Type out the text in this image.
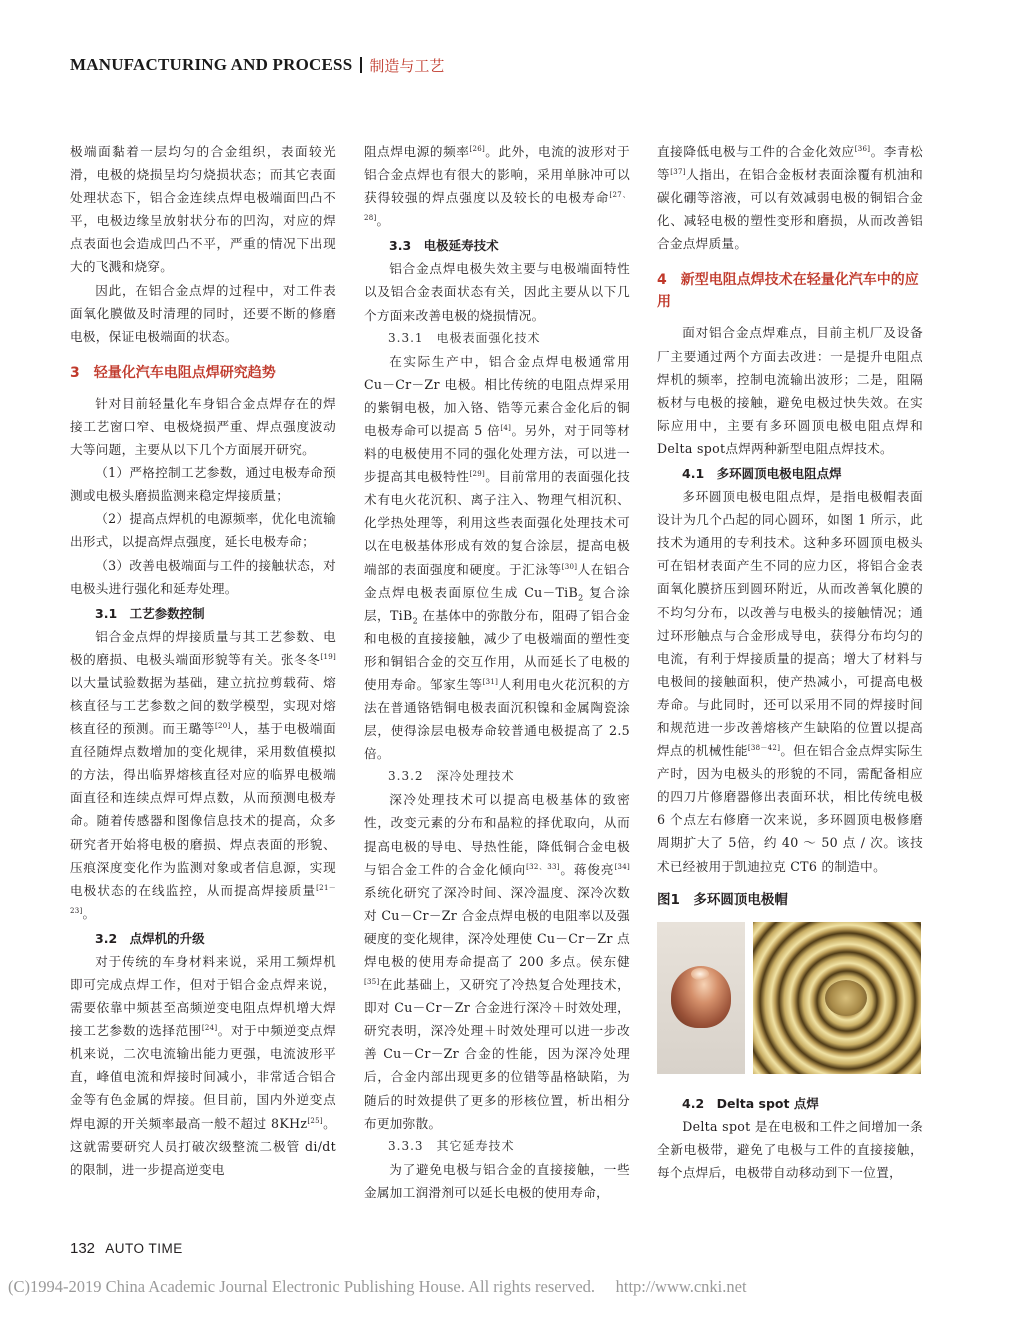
MANUFACTURING AND PROCESS 制造与工艺

极端面黏着一层均匀的合金组织，表面较光滑，电极的烧损呈均匀烧损状态；而其它表面处理状态下，铝合金连续点焊电极端面凹凸不平，电极边缘呈放射状分布的凹沟，对应的焊点表面也会造成凹凸不平，严重的情况下出现大的飞溅和烧穿。

因此，在铝合金点焊的过程中，对工件表面氧化膜做及时清理的同时，还要不断的修磨电极，保证电极端面的状态。

3　轻量化汽车电阻点焊研究趋势

针对目前轻量化车身铝合金点焊存在的焊接工艺窗口窄、电极烧损严重、焊点强度波动大等问题，主要从以下几个方面展开研究。

（1）严格控制工艺参数，通过电极寿命预测或电极头磨损监测来稳定焊接质量；

（2）提高点焊机的电源频率，优化电流输出形式，以提高焊点强度，延长电极寿命；

（3）改善电极端面与工件的接触状态，对电极头进行强化和延寿处理。

3.1　工艺参数控制

铝合金点焊的焊接质量与其工艺参数、电极的磨损、电极头端面形貌等有关。张冬冬[19]以大量试验数据为基础，建立抗拉剪载荷、熔核直径与工艺参数之间的数学模型，实现对熔核直径的预测。而王璐等[20]人，基于电极端面直径随焊点数增加的变化规律，采用数值模拟的方法，得出临界熔核直径对应的临界电极端面直径和连续点焊可焊点数，从而预测电极寿命。随着传感器和图像信息技术的提高，众多研究者开始将电极的磨损、焊点表面的形貌、压痕深度变化作为监测对象或者信息源，实现电极状态的在线监控，从而提高焊接质量[21－23]。

3.2　点焊机的升级

对于传统的车身材料来说，采用工频焊机即可完成点焊工作，但对于铝合金点焊来说，需要依靠中频甚至高频逆变电阻点焊机增大焊接工艺参数的选择范围[24]。对于中频逆变点焊机来说，二次电流输出能力更强，电流波形平直，峰值电流和焊接时间减小，非常适合铝合金等有色金属的焊接。但目前，国内外逆变点焊电源的开关频率最高一般不超过 8KHz[25]。这就需要研究人员打破次级整流二极管 di/dt 的限制，进一步提高逆变电

阻点焊电源的频率[26]。此外，电流的波形对于铝合金点焊也有很大的影响，采用单脉冲可以获得较强的焊点强度以及较长的电极寿命[27、28]。

3.3　电极延寿技术

铝合金点焊电极失效主要与电极端面特性以及铝合金表面状态有关，因此主要从以下几个方面来改善电极的烧损情况。

3.3.1　电极表面强化技术

在实际生产中，铝合金点焊电极通常用 Cu－Cr－Zr 电极。相比传统的电阻点焊采用的紫铜电极，加入铬、锆等元素合金化后的铜电极寿命可以提高 5 倍[4]。另外，对于同等材料的电极使用不同的强化处理方法，可以进一步提高其电极特性[29]。目前常用的表面强化技术有电火花沉积、离子注入、物理气相沉积、化学热处理等，利用这些表面强化处理技术可以在电极基体形成有效的复合涂层，提高电极端部的表面强度和硬度。于汇泳等[30]人在铝合金点焊电极表面原位生成 Cu－TiB$_2$ 复合涂层，TiB$_2$ 在基体中的弥散分布，阻碍了铝合金和电极的直接接触，减少了电极端面的塑性变形和铜铝合金的交互作用，从而延长了电极的使用寿命。邹家生等[31]人利用电火花沉积的方法在普通铬锆铜电极表面沉积镍和金属陶瓷涂层，使得涂层电极寿命较普通电极提高了 2.5 倍。

3.3.2　深冷处理技术

深冷处理技术可以提高电极基体的致密性，改变元素的分布和晶粒的择优取向，从而提高电极的导电、导热性能，降低铜合金电极与铝合金工件的合金化倾向[32、33]。蒋俊亮[34]系统化研究了深冷时间、深冷温度、深冷次数对 Cu－Cr－Zr 合金点焊电极的电阻率以及强硬度的变化规律，深冷处理使 Cu－Cr－Zr 点焊电极的使用寿命提高了 200 多点。侯东健[35]在此基础上，又研究了冷热复合处理技术，即对 Cu－Cr－Zr 合金进行深冷＋时效处理，研究表明，深冷处理＋时效处理可以进一步改善 Cu－Cr－Zr 合金的性能，因为深冷处理后，合金内部出现更多的位错等晶格缺陷，为随后的时效提供了更多的形核位置，析出相分布更加弥散。

3.3.3　其它延寿技术

为了避免电极与铝合金的直接接触，一些金属加工润滑剂可以延长电极的使用寿命，

直接降低电极与工件的合金化效应[36]。李青松等[37]人指出，在铝合金板材表面涂覆有机油和碳化硼等溶液，可以有效减弱电极的铜铝合金化、减轻电极的塑性变形和磨损，从而改善铝合金点焊质量。

4　新型电阻点焊技术在轻量化汽车中的应用

面对铝合金点焊难点，目前主机厂及设备厂主要通过两个方面去改进：一是提升电阻点焊机的频率，控制电流输出波形；二是，阻隔板材与电极的接触，避免电极过快失效。在实际应用中，主要有多环圆顶电极电阻点焊和Delta spot点焊两种新型电阻点焊技术。

4.1　多环圆顶电极电阻点焊

多环圆顶电极电阻点焊，是指电极帽表面设计为几个凸起的同心圆环，如图 1 所示，此技术为通用的专利技术。这种多环圆顶电极头可在铝材表面产生不同的应力区，将铝合金表面氧化膜挤压到圆环附近，从而改善氧化膜的不均匀分布，以改善与电极头的接触情况；通过环形触点与合金形成导电，获得分布均匀的电流，有利于焊接质量的提高；增大了材料与电极间的接触面积，使产热减小，可提高电极寿命。与此同时，还可以采用不同的焊接时间和规范进一步改善熔核产生缺陷的位置以提高焊点的机械性能[38－42]。但在铝合金点焊实际生产时，因为电极头的形貌的不同，需配备相应的四刀片修磨器修出表面环状，相比传统电极 6 个点左右修磨一次来说，多环圆顶电极修磨周期扩大了 5倍，约 40 ～ 50 点 / 次。该技术已经被用于凯迪拉克 CT6 的制造中。

图1　多环圆顶电极帽
4.2　Delta spot 点焊

Delta spot 是在电极和工件之间增加一条全新电极带，避免了电极与工件的直接接触，每个点焊后，电极带自动移动到下一位置，

132 AUTO TIME
(C)1994-2019 China Academic Journal Electronic Publishing House. All rights reserved.　 http://www.cnki.net
